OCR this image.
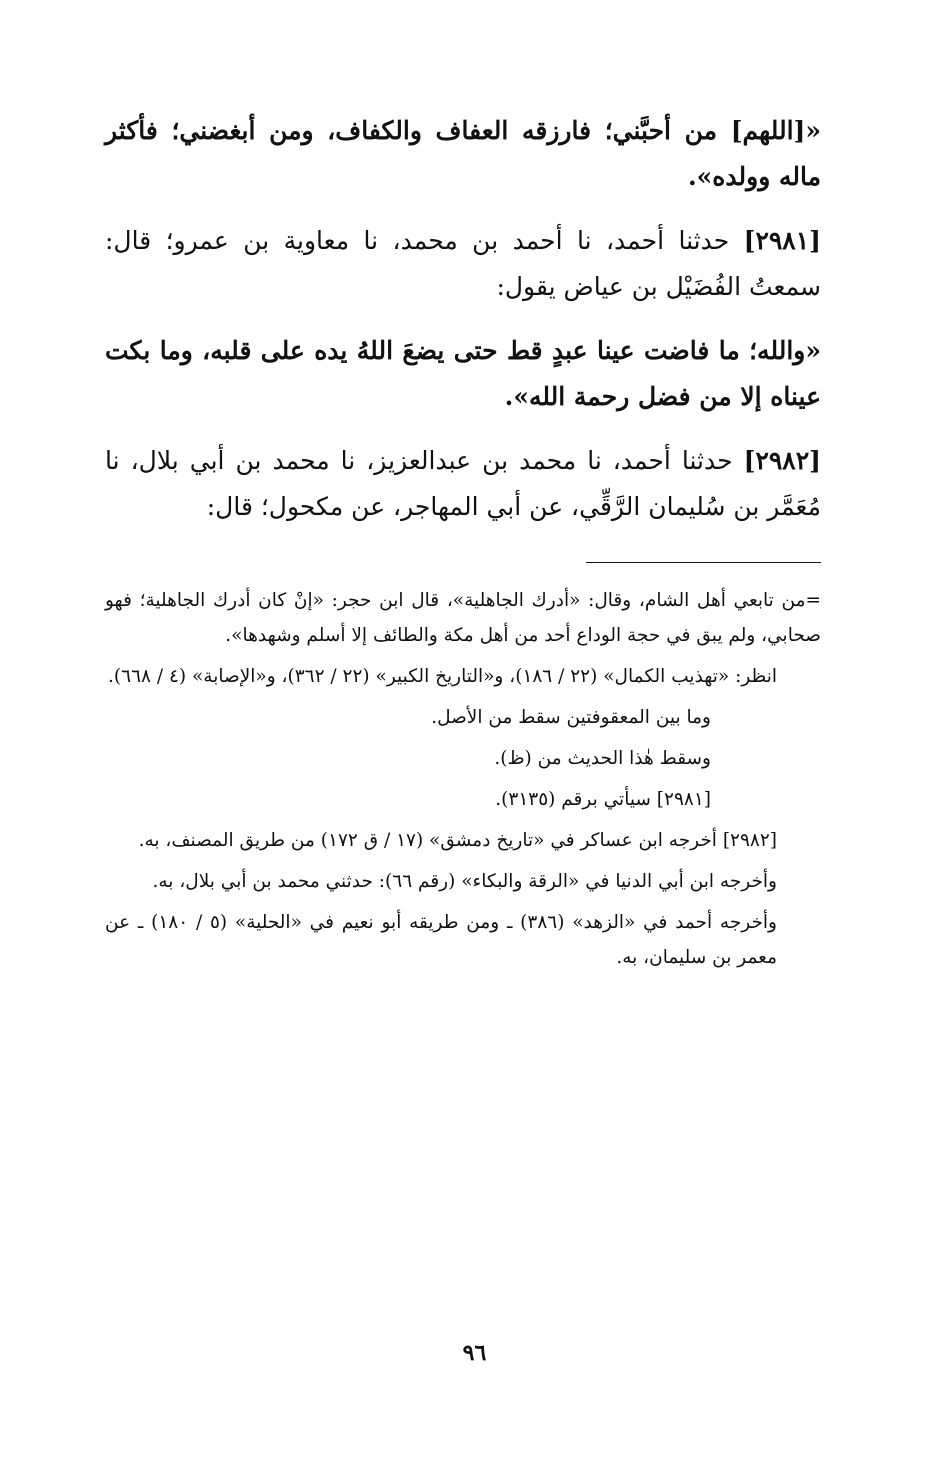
«[اللهم] من أحبَّني؛ فارزقه العفاف والكفاف، ومن أبغضني؛ فأكثر ماله وولده».

[٢٩٨١] حدثنا أحمد، نا أحمد بن محمد، نا معاوية بن عمرو؛ قال: سمعتُ الفُضَيْل بن عياض يقول:

«والله؛ ما فاضت عينا عبدٍ قط حتى يضعَ اللهُ يده على قلبه، وما بكت عيناه إلا من فضل رحمة الله».

[٢٩٨٢] حدثنا أحمد، نا محمد بن عبدالعزيز، نا محمد بن أبي بلال، نا مُعَمَّر بن سُليمان الرَّقِّي، عن أبي المهاجر، عن مكحول؛ قال:

=من تابعي أهل الشام، وقال: «أدرك الجاهلية»، قال ابن حجر: «إنْ كان أدرك الجاهلية؛ فهو صحابي، ولم يبق في حجة الوداع أحد من أهل مكة والطائف إلا أسلم وشهدها».

انظر: «تهذيب الكمال» (٢٢ / ١٨٦)، و«التاريخ الكبير» (٢٢ / ٣٦٢)، و«الإصابة» (٤ / ٦٦٨).

وما بين المعقوفتين سقط من الأصل.

وسقط هٰذا الحديث من (ظ).

[٢٩٨١] سيأتي برقم (٣١٣٥).

[٢٩٨٢] أخرجه ابن عساكر في «تاريخ دمشق» (١٧ / ق ١٧٢) من طريق المصنف، به.

وأخرجه ابن أبي الدنيا في «الرقة والبكاء» (رقم ٦٦): حدثني محمد بن أبي بلال، به.

وأخرجه أحمد في «الزهد» (٣٨٦) ـ ومن طريقه أبو نعيم في «الحلية» (٥ / ١٨٠) ـ عن معمر بن سليمان، به.

٩٦
